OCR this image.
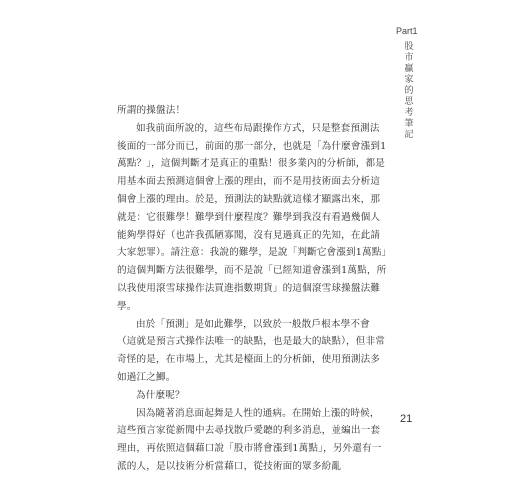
Part1
股市贏家的思考筆記

所謂的操盤法！

如我前面所說的，這些布局跟操作方式，只是整套預測法後面的一部分而已，前面的那一部分，也就是「為什麼會漲到1萬點？」，這個判斷才是真正的重點！很多業內的分析師，都是用基本面去預測這個會上漲的理由，而不是用技術面去分析這個會上漲的理由。於是，預測法的缺點就這樣才顯露出來，那就是：它很難學！難學到什麼程度？難學到我沒有看過幾個人能夠學得好（也許我孤陋寡聞，沒有見過真正的先知，在此請大家恕罪）。請注意：我說的難學，是說「判斷它會漲到1萬點」的這個判斷方法很難學，而不是說「已經知道會漲到1萬點，所以我使用滾雪球操作法買進指數期貨」的這個滾雪球操盤法難學。

由於「預測」是如此難學，以致於一般散戶根本學不會（這就是預言式操作法唯一的缺點，也是最大的缺點），但非常奇怪的是，在市場上，尤其是檯面上的分析師，使用預測法多如過江之鯽。

為什麼呢？

因為隨著消息面起舞是人性的通病。在開始上漲的時候，這些預言家從新聞中去尋找散戶愛聽的利多消息，並編出一套理由，再依照這個藉口說「股市將會漲到1萬點」，另外還有一派的人，是以技術分析當藉口，從技術面的眾多紛亂

21
